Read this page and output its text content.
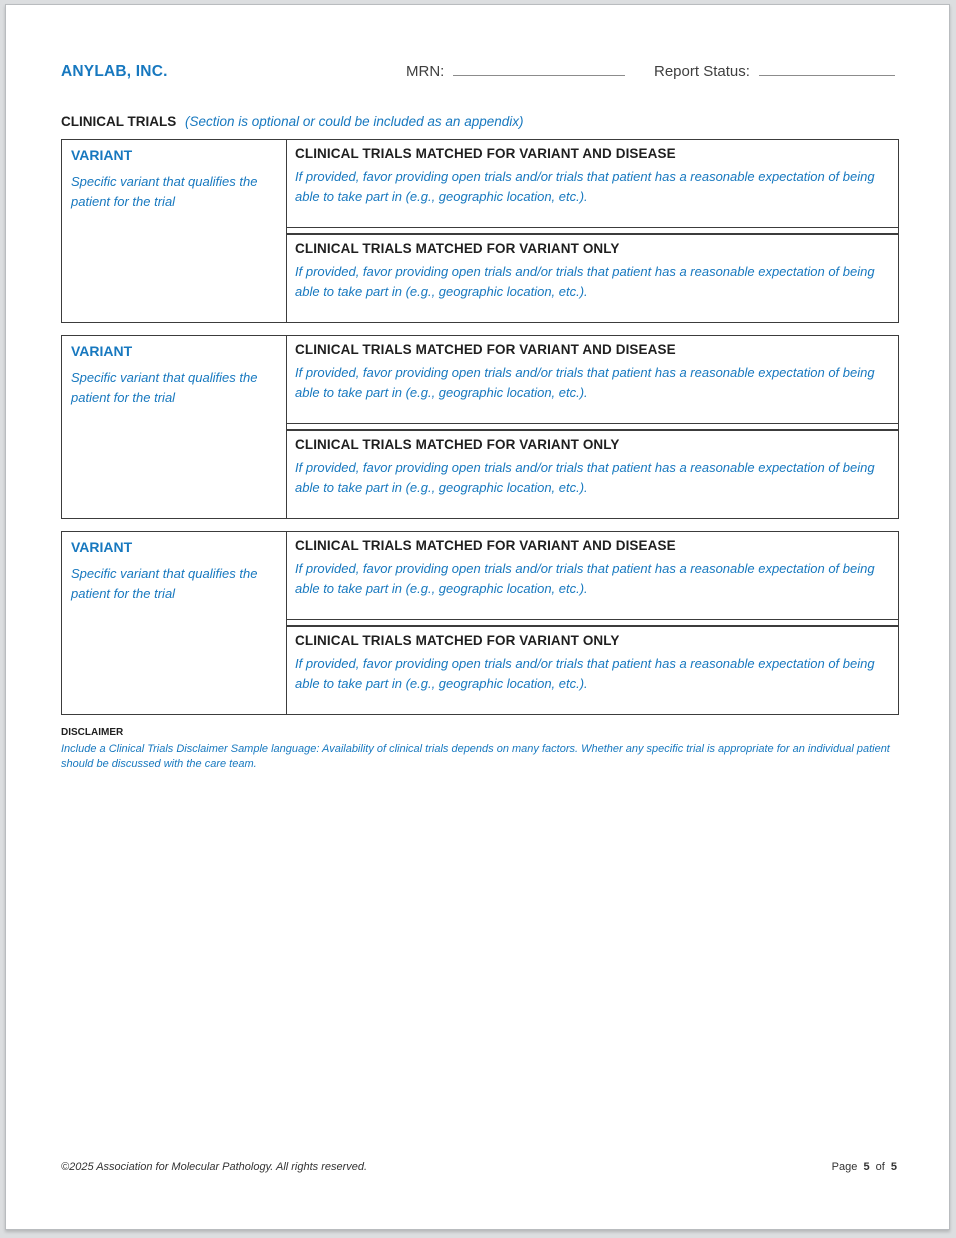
ANYLAB, INC.	MRN:	Report Status:
CLINICAL TRIALS (Section is optional or could be included as an appendix)
VARIANT
Specific variant that qualifies the patient for the trial
CLINICAL TRIALS MATCHED FOR VARIANT AND DISEASE
If provided, favor providing open trials and/or trials that patient has a reasonable expectation of being able to take part in (e.g., geographic location, etc.).
CLINICAL TRIALS MATCHED FOR VARIANT ONLY
If provided, favor providing open trials and/or trials that patient has a reasonable expectation of being able to take part in (e.g., geographic location, etc.).
VARIANT
Specific variant that qualifies the patient for the trial
CLINICAL TRIALS MATCHED FOR VARIANT AND DISEASE
If provided, favor providing open trials and/or trials that patient has a reasonable expectation of being able to take part in (e.g., geographic location, etc.).
CLINICAL TRIALS MATCHED FOR VARIANT ONLY
If provided, favor providing open trials and/or trials that patient has a reasonable expectation of being able to take part in (e.g., geographic location, etc.).
VARIANT
Specific variant that qualifies the patient for the trial
CLINICAL TRIALS MATCHED FOR VARIANT AND DISEASE
If provided, favor providing open trials and/or trials that patient has a reasonable expectation of being able to take part in (e.g., geographic location, etc.).
CLINICAL TRIALS MATCHED FOR VARIANT ONLY
If provided, favor providing open trials and/or trials that patient has a reasonable expectation of being able to take part in (e.g., geographic location, etc.).
DISCLAIMER
Include a Clinical Trials Disclaimer Sample language: Availability of clinical trials depends on many factors. Whether any specific trial is appropriate for an individual patient should be discussed with the care team.
©2025 Association for Molecular Pathology. All rights reserved.	Page 5 of 5
